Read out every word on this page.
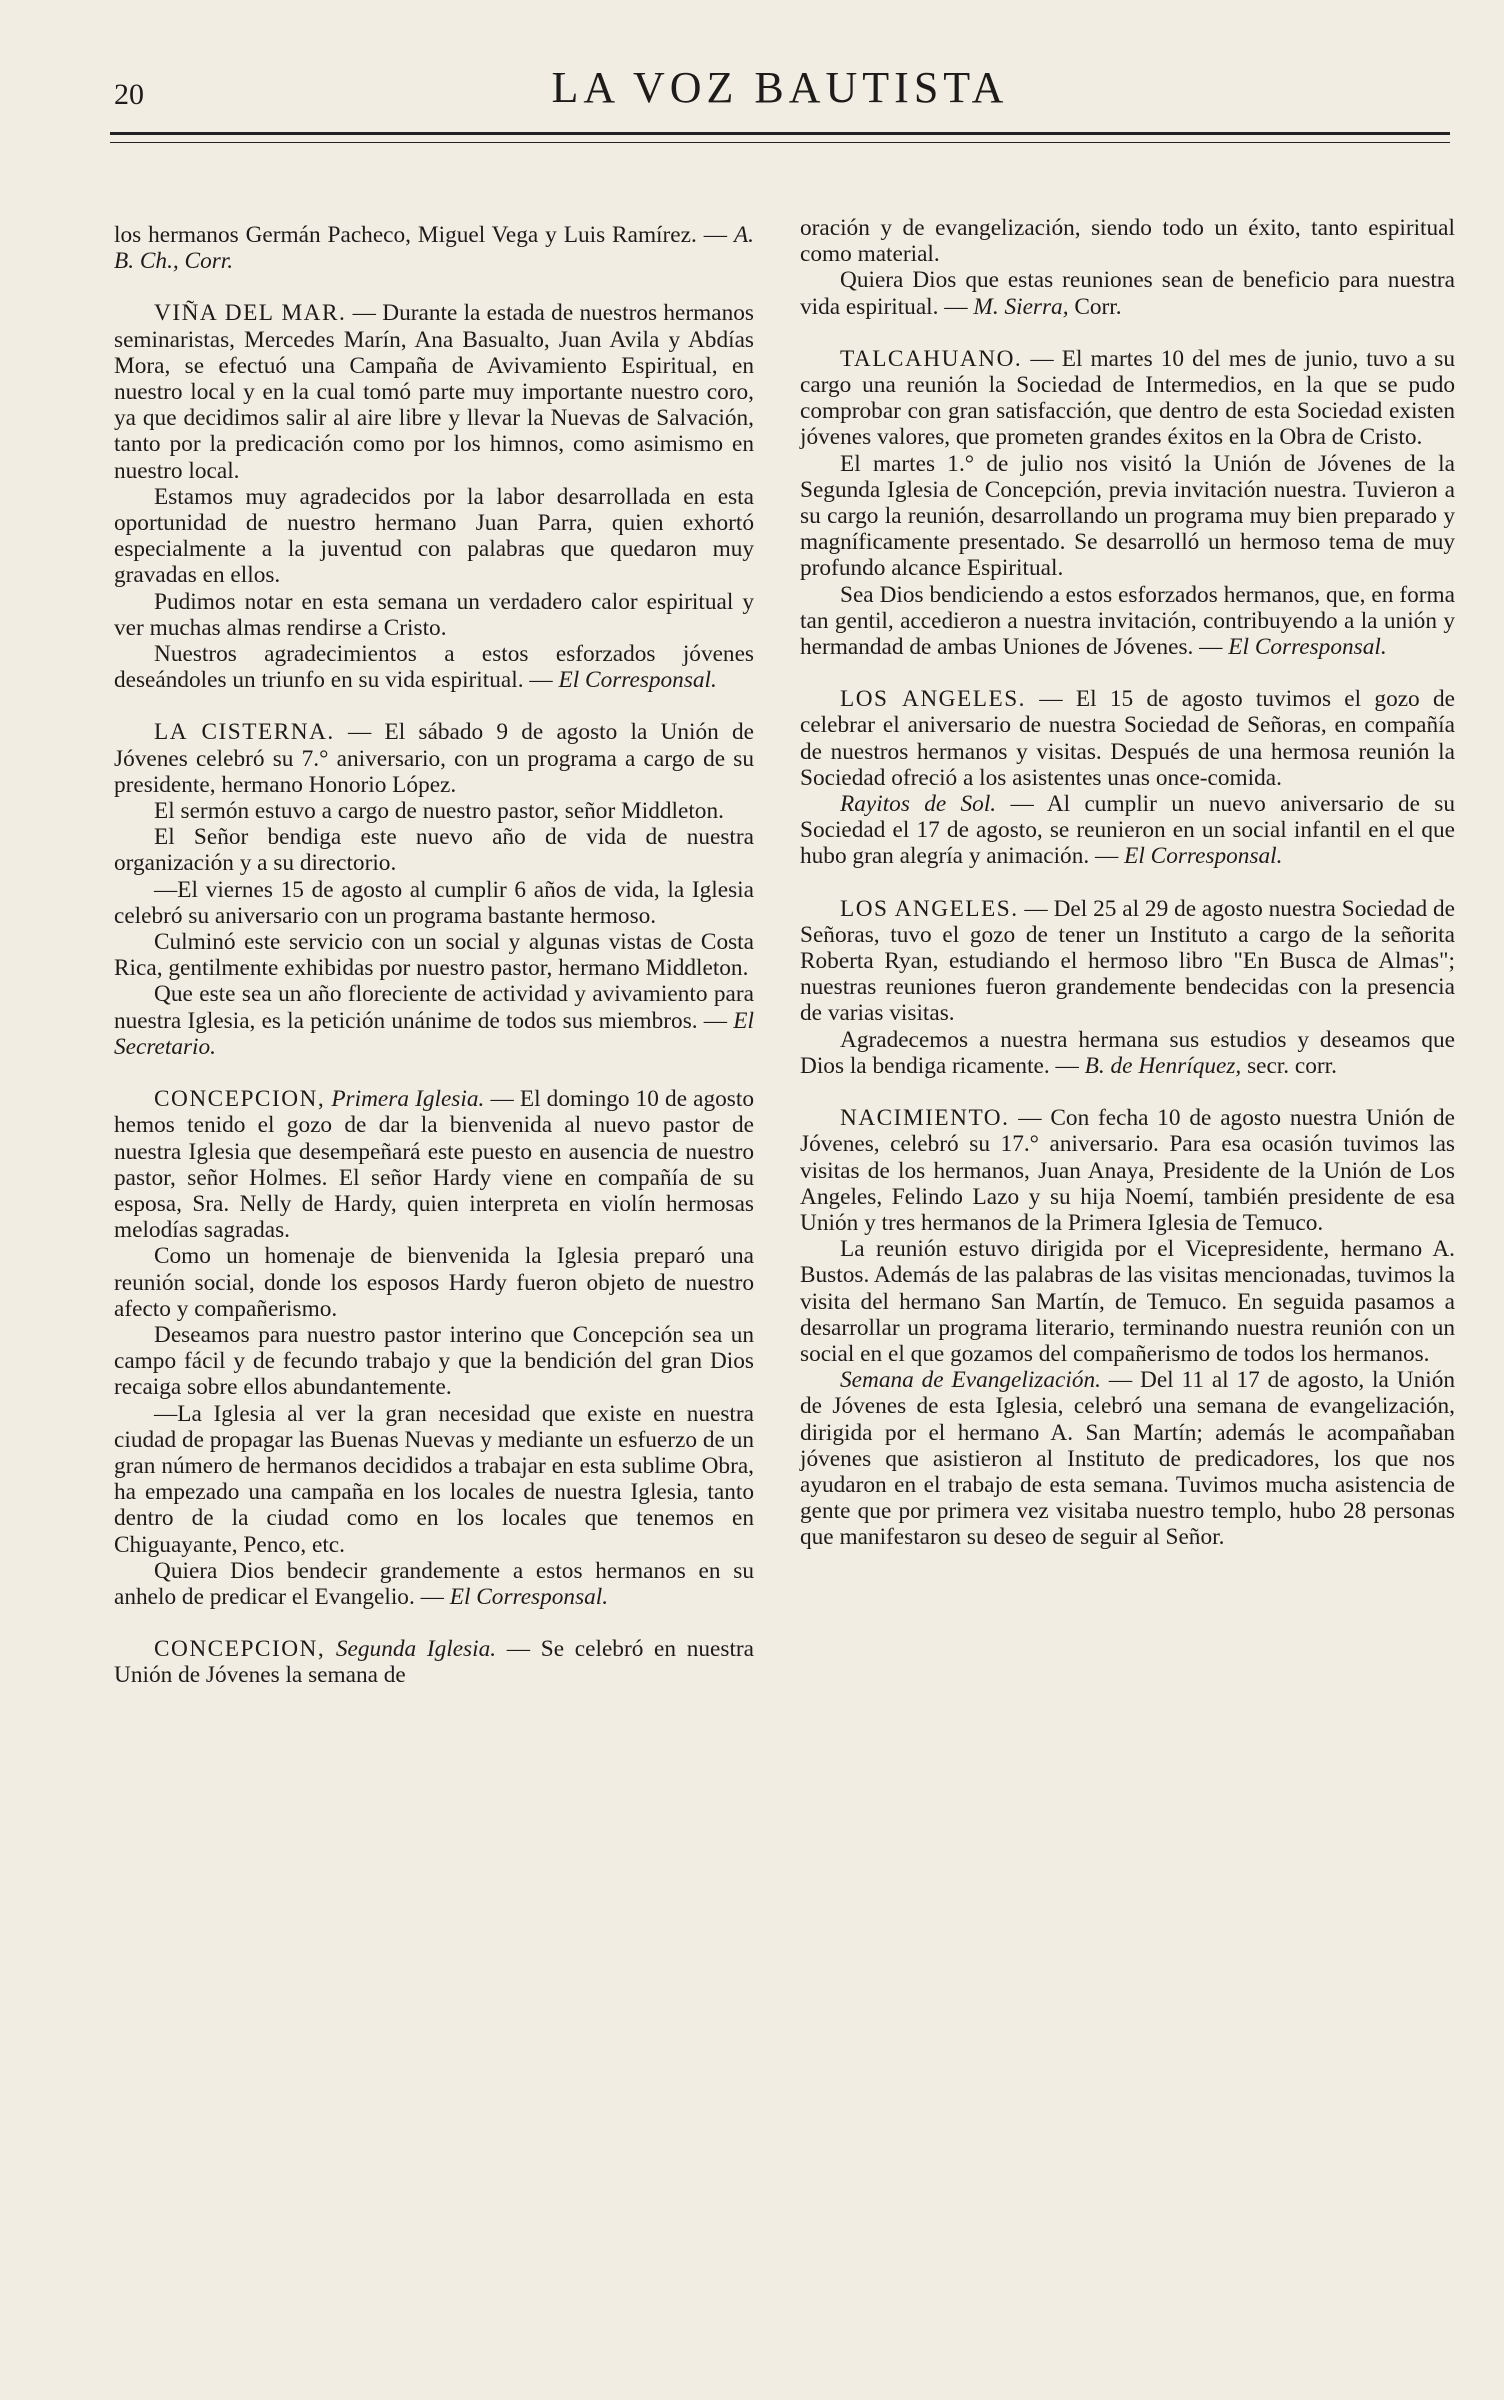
20	LA VOZ BAUTISTA

los hermanos Germán Pacheco, Miguel Vega y Luis Ramírez. — A. B. Ch., Corr.

VIÑA DEL MAR. — Durante la estada de nuestros hermanos seminaristas, Mercedes Marín, Ana Basualto, Juan Avila y Abdías Mora, se efectuó una Campaña de Avivamiento Espiritual, en nuestro local y en la cual tomó parte muy importante nuestro coro, ya que decidimos salir al aire libre y llevar la Nuevas de Salvación, tanto por la predicación como por los himnos, como asimismo en nuestro local.

Estamos muy agradecidos por la labor desarrollada en esta oportunidad de nuestro hermano Juan Parra, quien exhortó especialmente a la juventud con palabras que quedaron muy gravadas en ellos.

Pudimos notar en esta semana un verdadero calor espiritual y ver muchas almas rendirse a Cristo.

Nuestros agradecimientos a estos esforzados jóvenes deseándoles un triunfo en su vida espiritual. — El Corresponsal.

LA CISTERNA. — El sábado 9 de agosto la Unión de Jóvenes celebró su 7.° aniversario, con un programa a cargo de su presidente, hermano Honorio López.

El sermón estuvo a cargo de nuestro pastor, señor Middleton.

El Señor bendiga este nuevo año de vida de nuestra organización y a su directorio.

—El viernes 15 de agosto al cumplir 6 años de vida, la Iglesia celebró su aniversario con un programa bastante hermoso.

Culminó este servicio con un social y algunas vistas de Costa Rica, gentilmente exhibidas por nuestro pastor, hermano Middleton.

Que este sea un año floreciente de actividad y avivamiento para nuestra Iglesia, es la petición unánime de todos sus miembros. — El Secretario.

CONCEPCION, Primera Iglesia. — El domingo 10 de agosto hemos tenido el gozo de dar la bienvenida al nuevo pastor de nuestra Iglesia que desempeñará este puesto en ausencia de nuestro pastor, señor Holmes. El señor Hardy viene en compañía de su esposa, Sra. Nelly de Hardy, quien interpreta en violín hermosas melodías sagradas.

Como un homenaje de bienvenida la Iglesia preparó una reunión social, donde los esposos Hardy fueron objeto de nuestro afecto y compañerismo.

Deseamos para nuestro pastor interino que Concepción sea un campo fácil y de fecundo trabajo y que la bendición del gran Dios recaiga sobre ellos abundantemente.

—La Iglesia al ver la gran necesidad que existe en nuestra ciudad de propagar las Buenas Nuevas y mediante un esfuerzo de un gran número de hermanos decididos a trabajar en esta sublime Obra, ha empezado una campaña en los locales de nuestra Iglesia, tanto dentro de la ciudad como en los locales que tenemos en Chiguayante, Penco, etc.

Quiera Dios bendecir grandemente a estos hermanos en su anhelo de predicar el Evangelio. — El Corresponsal.

CONCEPCION, Segunda Iglesia. — Se celebró en nuestra Unión de Jóvenes la semana de

oración y de evangelización, siendo todo un éxito, tanto espiritual como material.

Quiera Dios que estas reuniones sean de beneficio para nuestra vida espiritual. — M. Sierra, Corr.

TALCAHUANO. — El martes 10 del mes de junio, tuvo a su cargo una reunión la Sociedad de Intermedios, en la que se pudo comprobar con gran satisfacción, que dentro de esta Sociedad existen jóvenes valores, que prometen grandes éxitos en la Obra de Cristo.

El martes 1.° de julio nos visitó la Unión de Jóvenes de la Segunda Iglesia de Concepción, previa invitación nuestra. Tuvieron a su cargo la reunión, desarrollando un programa muy bien preparado y magníficamente presentado. Se desarrolló un hermoso tema de muy profundo alcance Espiritual.

Sea Dios bendiciendo a estos esforzados hermanos, que, en forma tan gentil, accedieron a nuestra invitación, contribuyendo a la unión y hermandad de ambas Uniones de Jóvenes. — El Corresponsal.

LOS ANGELES. — El 15 de agosto tuvimos el gozo de celebrar el aniversario de nuestra Sociedad de Señoras, en compañía de nuestros hermanos y visitas. Después de una hermosa reunión la Sociedad ofreció a los asistentes unas once-comida.

Rayitos de Sol. — Al cumplir un nuevo aniversario de su Sociedad el 17 de agosto, se reunieron en un social infantil en el que hubo gran alegría y animación. — El Corresponsal.

LOS ANGELES. — Del 25 al 29 de agosto nuestra Sociedad de Señoras, tuvo el gozo de tener un Instituto a cargo de la señorita Roberta Ryan, estudiando el hermoso libro "En Busca de Almas"; nuestras reuniones fueron grandemente bendecidas con la presencia de varias visitas.

Agradecemos a nuestra hermana sus estudios y deseamos que Dios la bendiga ricamente. — B. de Henríquez, secr. corr.

NACIMIENTO. — Con fecha 10 de agosto nuestra Unión de Jóvenes, celebró su 17.° aniversario. Para esa ocasión tuvimos las visitas de los hermanos, Juan Anaya, Presidente de la Unión de Los Angeles, Felindo Lazo y su hija Noemí, también presidente de esa Unión y tres hermanos de la Primera Iglesia de Temuco.

La reunión estuvo dirigida por el Vicepresidente, hermano A. Bustos. Además de las palabras de las visitas mencionadas, tuvimos la visita del hermano San Martín, de Temuco. En seguida pasamos a desarrollar un programa literario, terminando nuestra reunión con un social en el que gozamos del compañerismo de todos los hermanos.

Semana de Evangelización. — Del 11 al 17 de agosto, la Unión de Jóvenes de esta Iglesia, celebró una semana de evangelización, dirigida por el hermano A. San Martín; además le acompañaban jóvenes que asistieron al Instituto de predicadores, los que nos ayudaron en el trabajo de esta semana. Tuvimos mucha asistencia de gente que por primera vez visitaba nuestro templo, hubo 28 personas que manifestaron su deseo de seguir al Señor.
